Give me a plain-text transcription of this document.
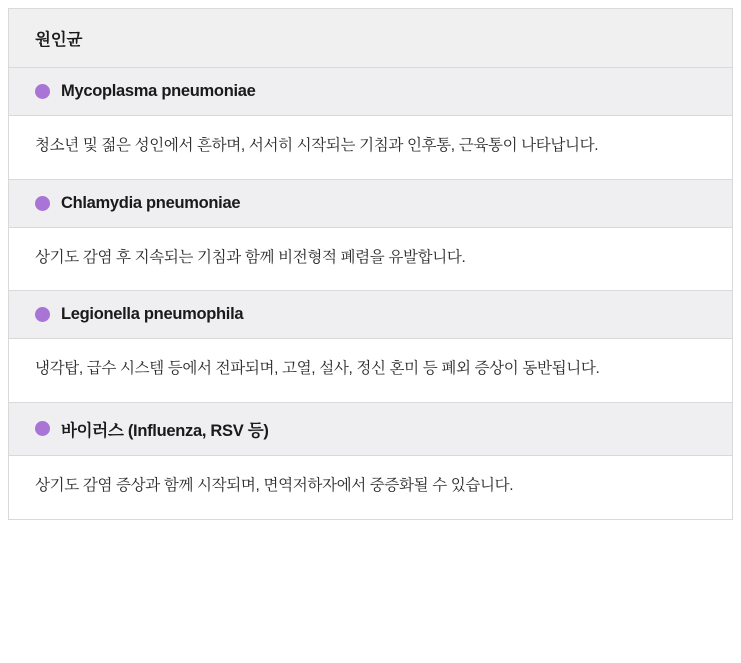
원인균
Mycoplasma pneumoniae
청소년 및 젊은 성인에서 흔하며, 서서히 시작되는 기침과 인후통, 근육통이 나타납니다.
Chlamydia pneumoniae
상기도 감염 후 지속되는 기침과 함께 비전형적 폐렴을 유발합니다.
Legionella pneumophila
냉각탑, 급수 시스템 등에서 전파되며, 고열, 설사, 정신 혼미 등 폐외 증상이 동반됩니다.
바이러스 (Influenza, RSV 등)
상기도 감염 증상과 함께 시작되며, 면역저하자에서 중증화될 수 있습니다.
